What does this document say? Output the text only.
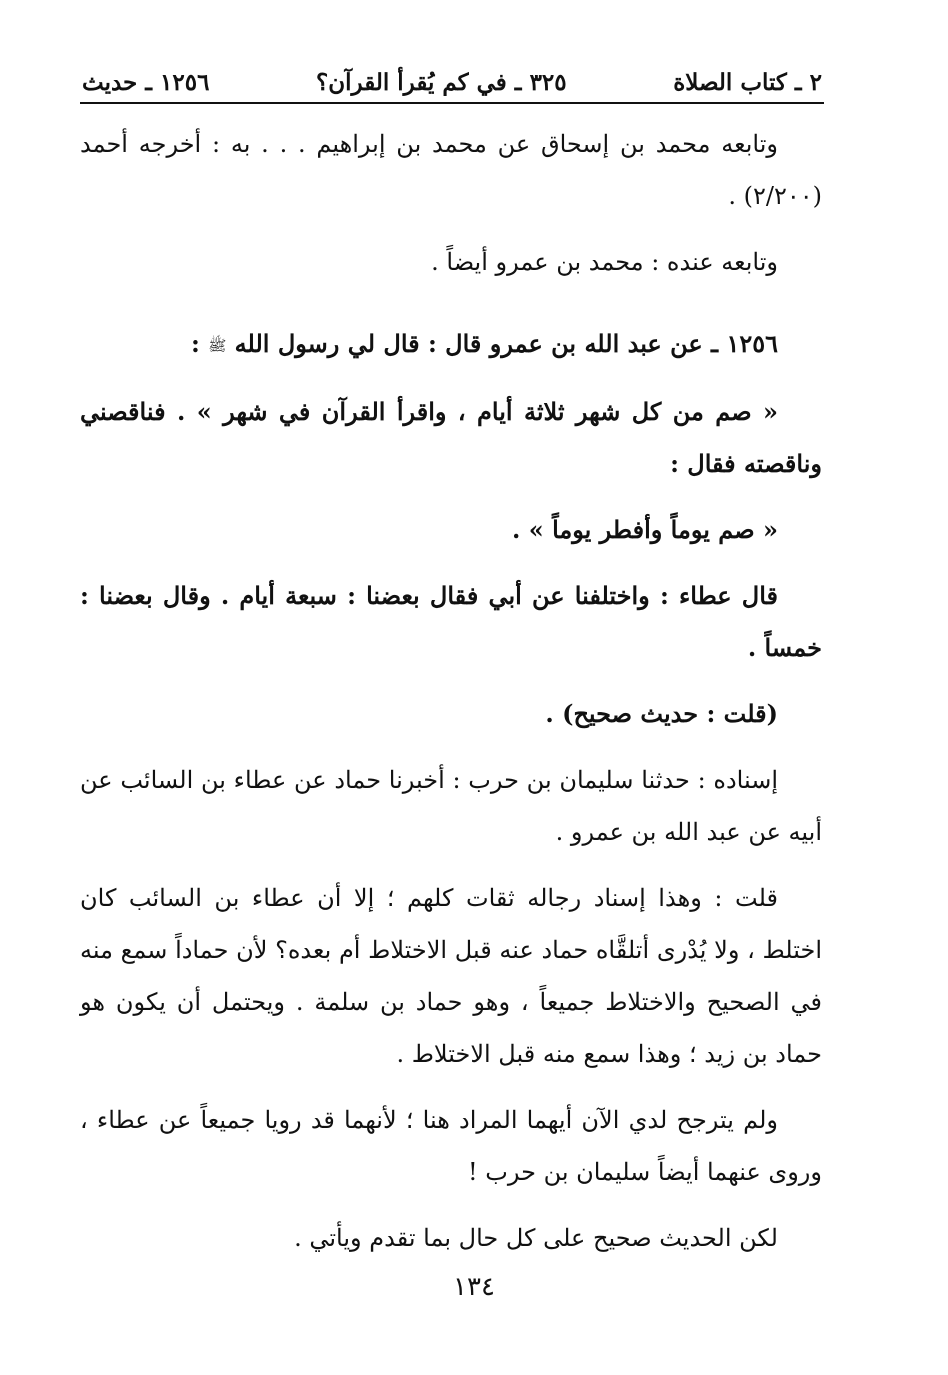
٢ ـ كتاب الصلاة
٣٢٥ ـ في كم يُقرأ القرآن؟
١٢٥٦ ـ حديث

وتابعه محمد بن إسحاق عن محمد بن إبراهيم . . . به : أخرجه أحمد (٢/٢٠٠) .

وتابعه عنده : محمد بن عمرو أيضاً .

١٢٥٦ ـ عن عبد الله بن عمرو قال : قال لي رسول الله ﷺ :

« صم من كل شهر ثلاثة أيام ، واقرأ القرآن في شهر » . فناقصني وناقصته فقال :

« صم يوماً وأفطر يوماً » .

قال عطاء : واختلفنا عن أبي فقال بعضنا : سبعة أيام . وقال بعضنا : خمساً .

(قلت : حديث صحيح) .

إسناده : حدثنا سليمان بن حرب : أخبرنا حماد عن عطاء بن السائب عن أبيه عن عبد الله بن عمرو .

قلت : وهذا إسناد رجاله ثقات كلهم ؛ إلا أن عطاء بن السائب كان اختلط ، ولا يُدْرى أتلقَّاه حماد عنه قبل الاختلاط أم بعده؟ لأن حماداً سمع منه في الصحيح والاختلاط جميعاً ، وهو حماد بن سلمة . ويحتمل أن يكون هو حماد بن زيد ؛ وهذا سمع منه قبل الاختلاط .

ولم يترجح لدي الآن أيهما المراد هنا ؛ لأنهما قد رويا جميعاً عن عطاء ، وروى عنهما أيضاً سليمان بن حرب !

لكن الحديث صحيح على كل حال بما تقدم ويأتي .

١٣٤
